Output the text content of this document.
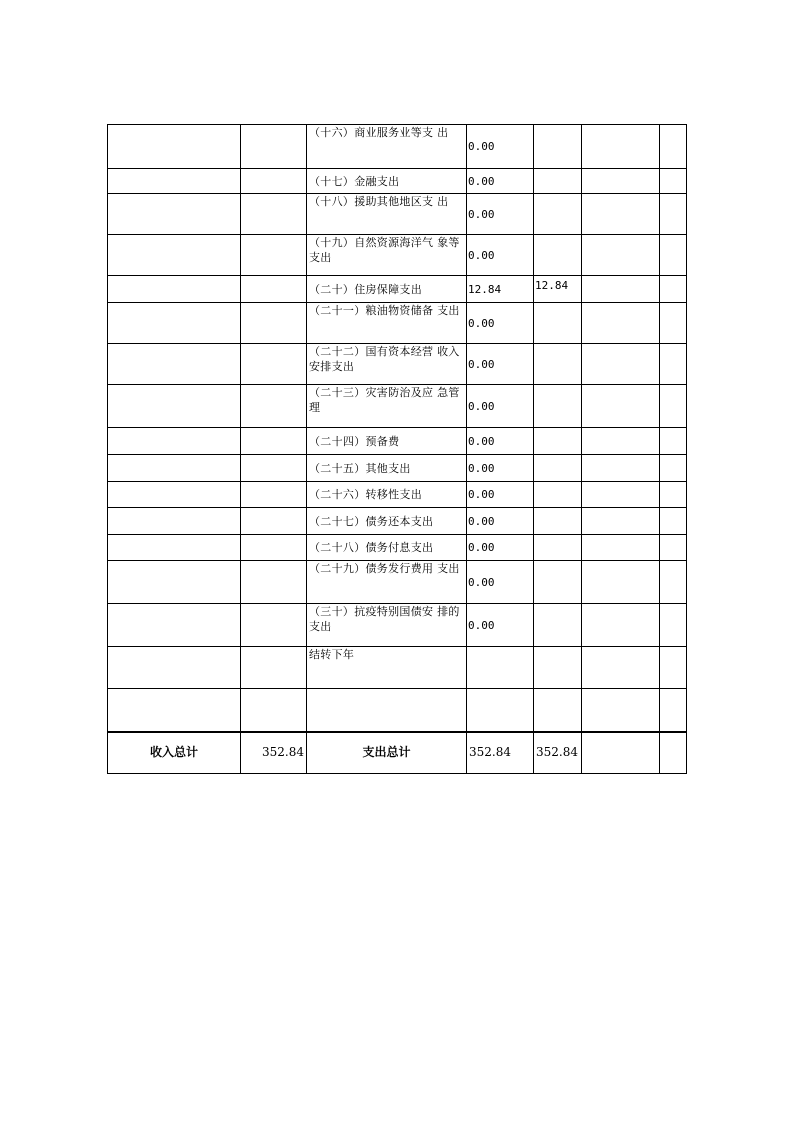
		（十六）商业服务业等支 出	0.00			
		（十七）金融支出	0.00			
		（十八）援助其他地区支 出	0.00			
		（十九）自然资源海洋气 象等支出	0.00			
		（二十）住房保障支出	12.84	12.84		
		（二十一）粮油物资储备 支出	0.00			
		（二十二）国有资本经营 收入安排支出	0.00			
		（二十三）灾害防治及应 急管理	0.00			
		（二十四）预备费	0.00			
		（二十五）其他支出	0.00			
		（二十六）转移性支出	0.00			
		（二十七）债务还本支出	0.00			
		（二十八）债务付息支出	0.00			
		（二十九）债务发行费用 支出	0.00			
		（三十）抗疫特别国债安 排的支出	0.00			
		结转下年				

收入总计	352.84	支出总计	352.84	352.84		
